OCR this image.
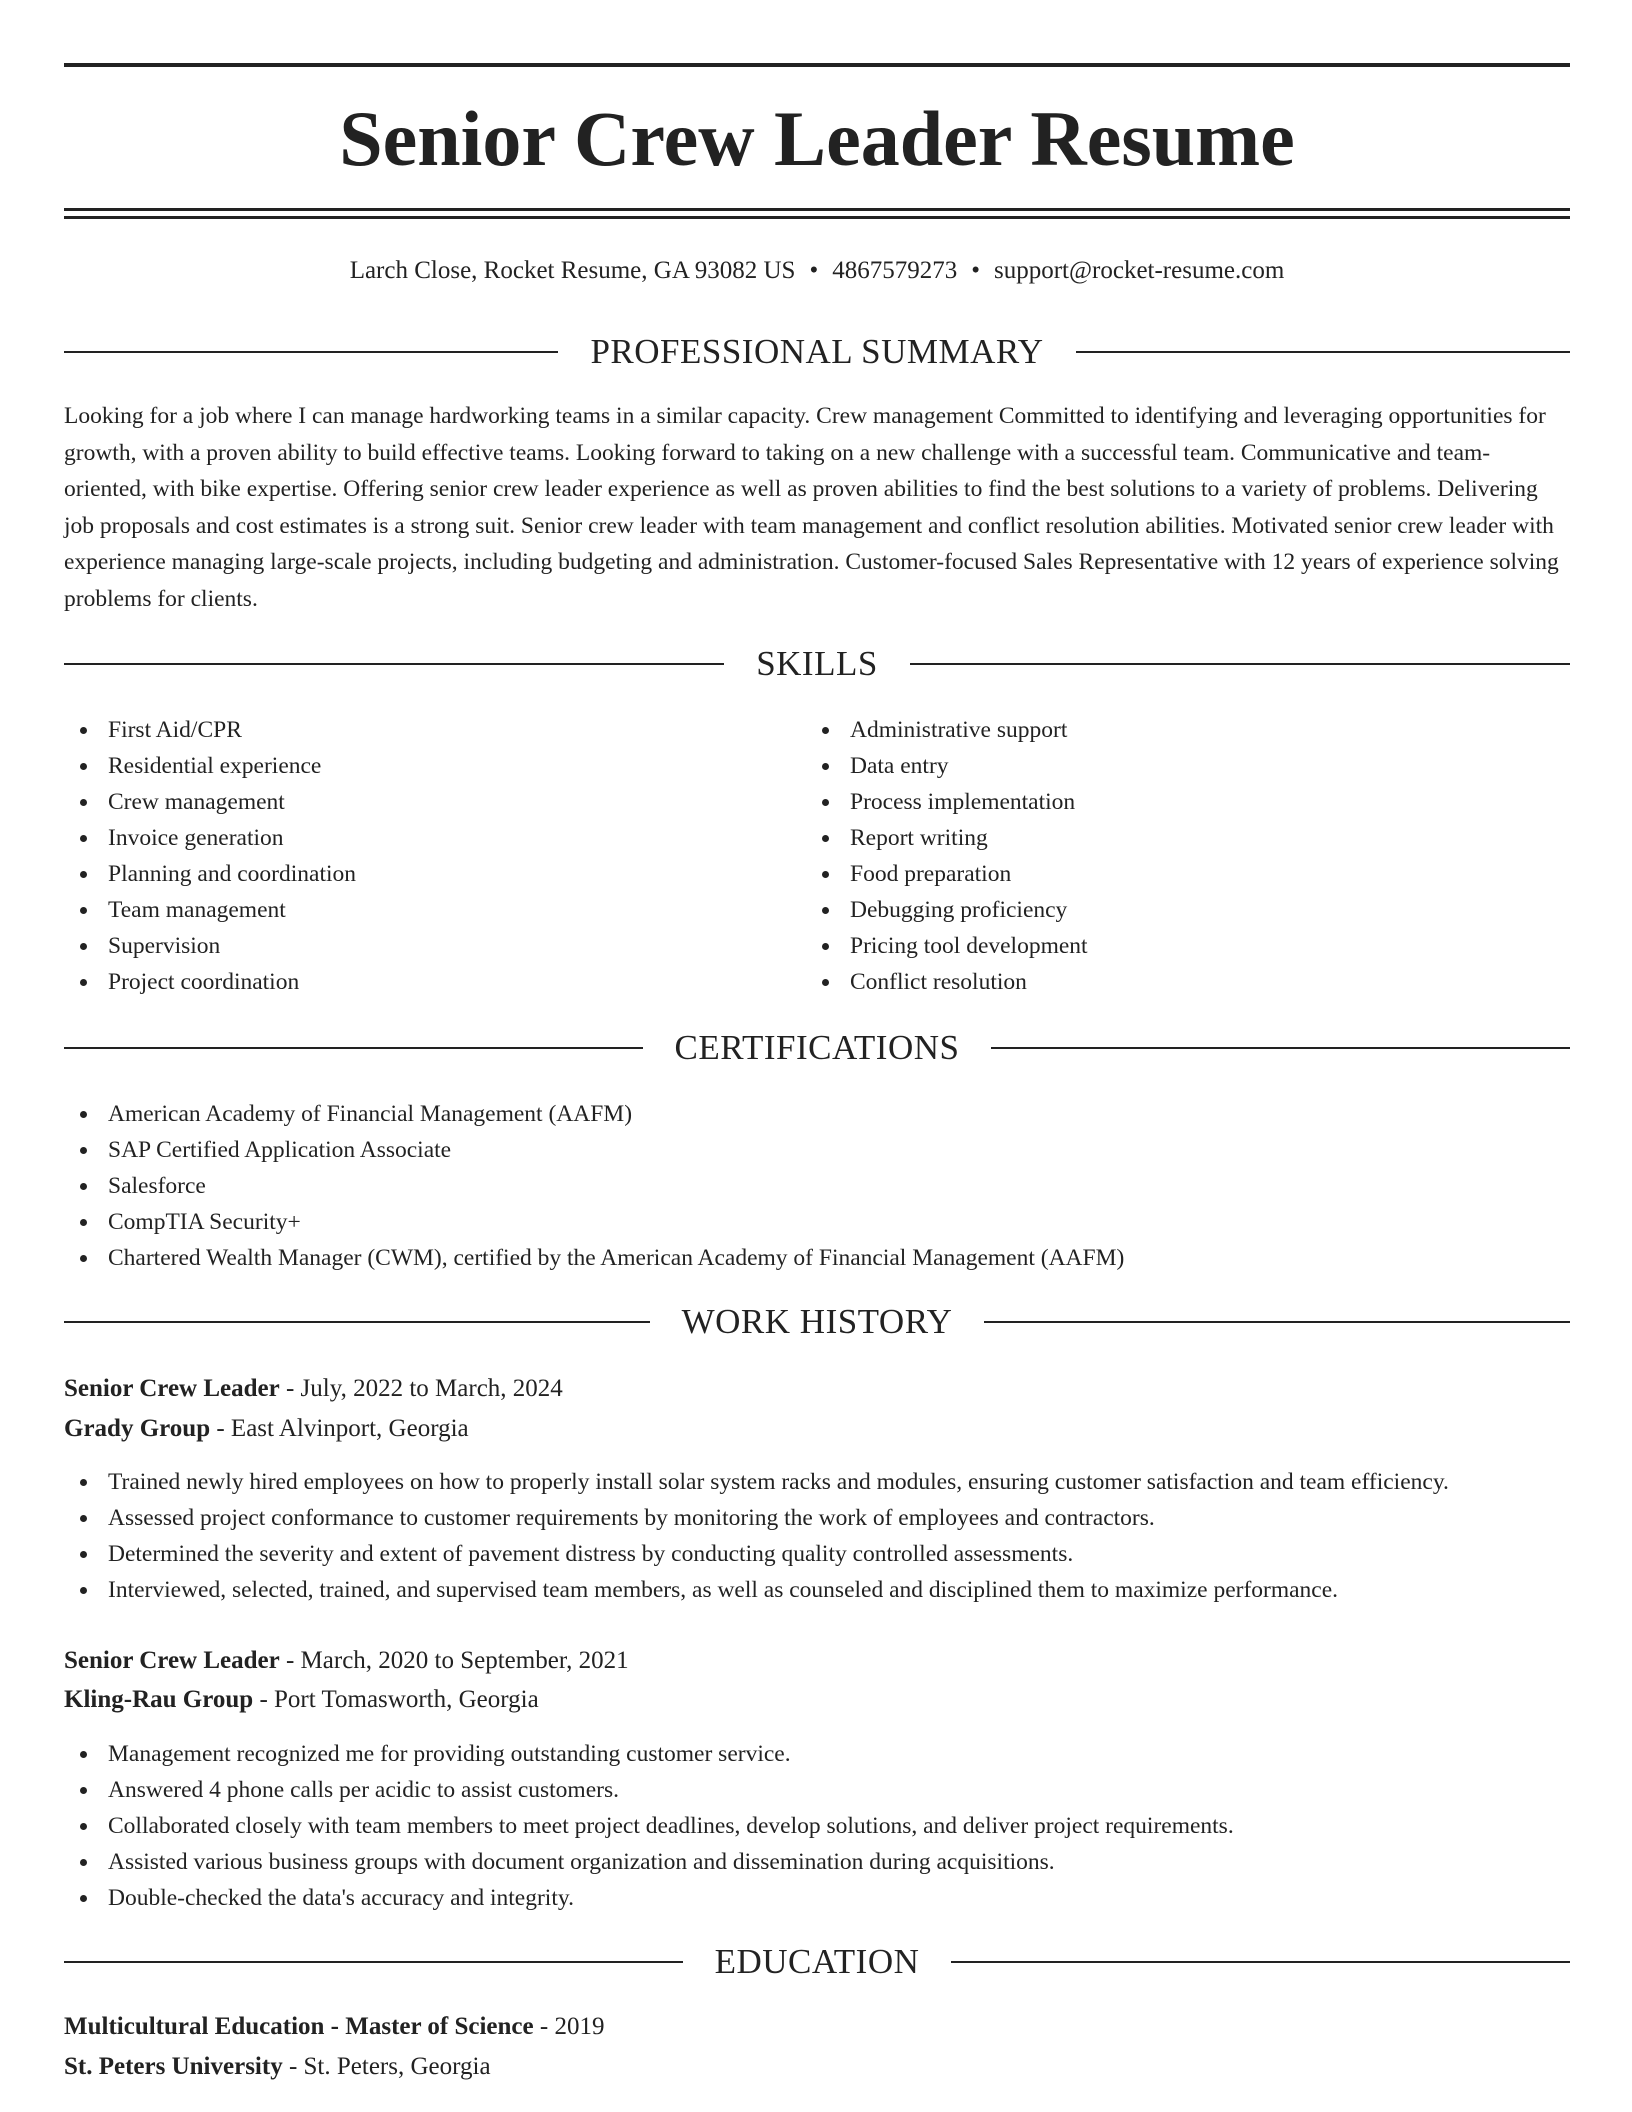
Senior Crew Leader Resume
Larch Close, Rocket Resume, GA 93082 US • 4867579273 • support@rocket-resume.com
PROFESSIONAL SUMMARY

Looking for a job where I can manage hardworking teams in a similar capacity. Crew management Committed to identifying and leveraging opportunities for growth, with a proven ability to build effective teams. Looking forward to taking on a new challenge with a successful team. Communicative and team-oriented, with bike expertise. Offering senior crew leader experience as well as proven abilities to find the best solutions to a variety of problems. Delivering job proposals and cost estimates is a strong suit. Senior crew leader with team management and conflict resolution abilities. Motivated senior crew leader with experience managing large-scale projects, including budgeting and administration. Customer-focused Sales Representative with 12 years of experience solving problems for clients.

SKILLS
First Aid/CPR
Residential experience
Crew management
Invoice generation
Planning and coordination
Team management
Supervision
Project coordination
Administrative support
Data entry
Process implementation
Report writing
Food preparation
Debugging proficiency
Pricing tool development
Conflict resolution
CERTIFICATIONS
American Academy of Financial Management (AAFM)
SAP Certified Application Associate
Salesforce
CompTIA Security+
Chartered Wealth Manager (CWM), certified by the American Academy of Financial Management (AAFM)
WORK HISTORY
Senior Crew Leader - July, 2022 to March, 2024
Grady Group - East Alvinport, Georgia
Trained newly hired employees on how to properly install solar system racks and modules, ensuring customer satisfaction and team efficiency.
Assessed project conformance to customer requirements by monitoring the work of employees and contractors.
Determined the severity and extent of pavement distress by conducting quality controlled assessments.
Interviewed, selected, trained, and supervised team members, as well as counseled and disciplined them to maximize performance.
Senior Crew Leader - March, 2020 to September, 2021
Kling-Rau Group - Port Tomasworth, Georgia
Management recognized me for providing outstanding customer service.
Answered 4 phone calls per acidic to assist customers.
Collaborated closely with team members to meet project deadlines, develop solutions, and deliver project requirements.
Assisted various business groups with document organization and dissemination during acquisitions.
Double-checked the data's accuracy and integrity.
EDUCATION
Multicultural Education - Master of Science - 2019
St. Peters University - St. Peters, Georgia
